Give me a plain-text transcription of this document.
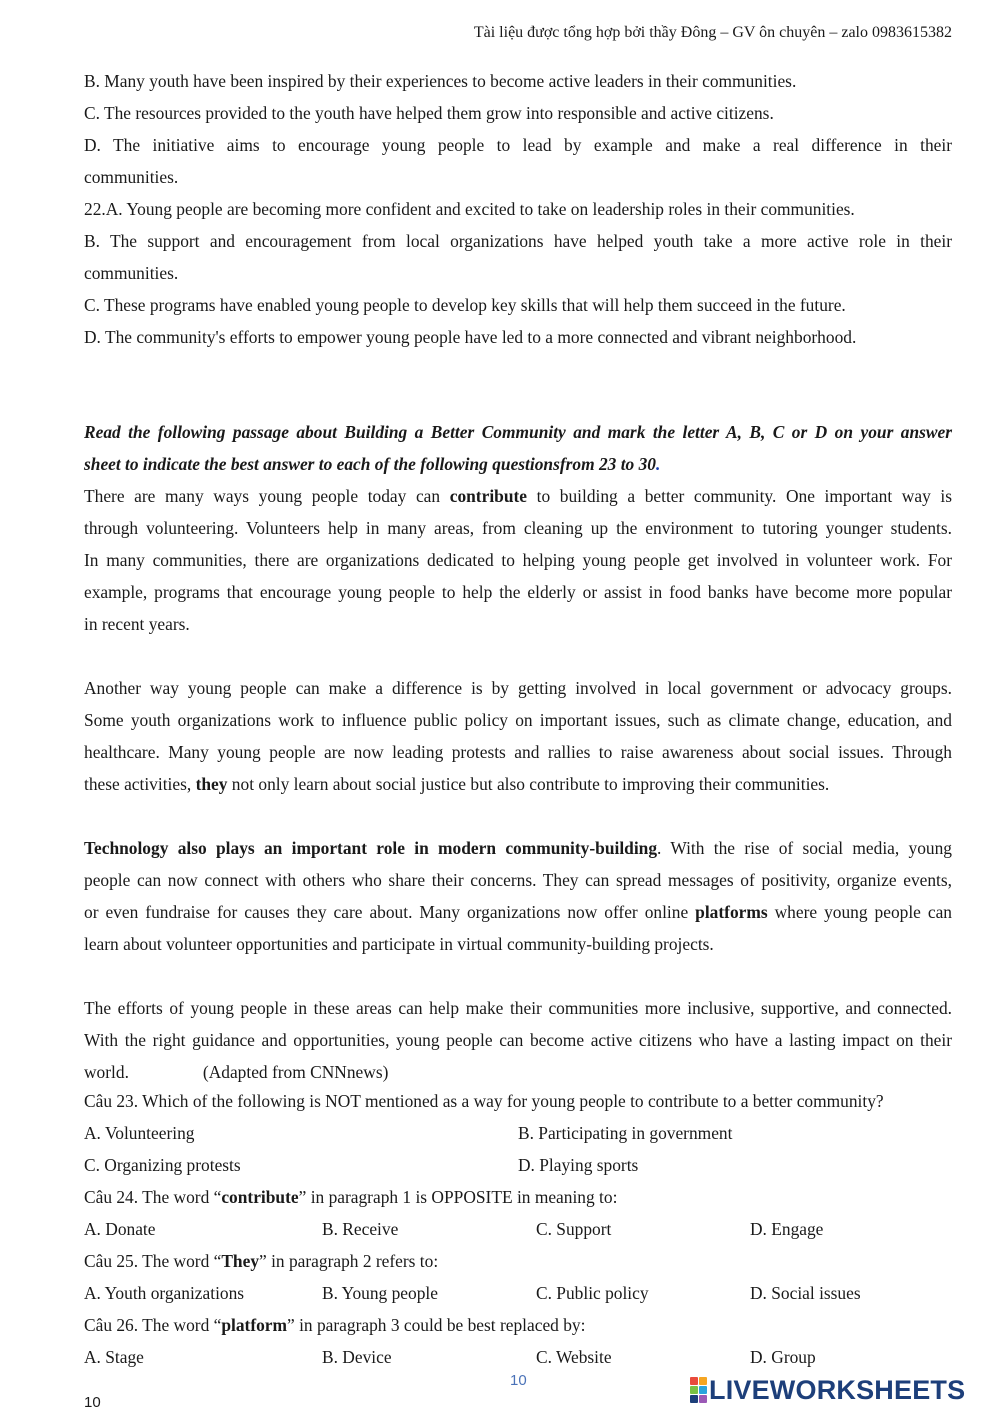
Tài liệu được tổng hợp bởi thầy Đông – GV ôn chuyên – zalo 0983615382
B. Many youth have been inspired by their experiences to become active leaders in their communities.
C. The resources provided to the youth have helped them grow into responsible and active citizens.
D. The initiative aims to encourage young people to lead by example and make a real difference in their
communities.
22.A. Young people are becoming more confident and excited to take on leadership roles in their communities.
B. The support and encouragement from local organizations have helped youth take a more active role in their
communities.
C. These programs have enabled young people to develop key skills that will help them succeed in the future.
D. The community's efforts to empower young people have led to a more connected and vibrant neighborhood.
Read the following passage about Building a Better Community and mark the letter A, B, C or D on your answer
sheet to indicate the best answer to each of the following questionsfrom 23 to 30.
There are many ways young people today can contribute to building a better community. One important way is
through volunteering. Volunteers help in many areas, from cleaning up the environment to tutoring younger students.
In many communities, there are organizations dedicated to helping young people get involved in volunteer work. For
example, programs that encourage young people to help the elderly or assist in food banks have become more popular
in recent years.
Another way young people can make a difference is by getting involved in local government or advocacy groups.
Some youth organizations work to influence public policy on important issues, such as climate change, education, and
healthcare. Many young people are now leading protests and rallies to raise awareness about social issues. Through
these activities, they not only learn about social justice but also contribute to improving their communities.
Technology also plays an important role in modern community-building. With the rise of social media, young
people can now connect with others who share their concerns. They can spread messages of positivity, organize events,
or even fundraise for causes they care about. Many organizations now offer online platforms where young people can
learn about volunteer opportunities and participate in virtual community-building projects.
The efforts of young people in these areas can help make their communities more inclusive, supportive, and connected.
With the right guidance and opportunities, young people can become active citizens who have a lasting impact on their
world.	(Adapted from CNNnews)
Câu 23. Which of the following is NOT mentioned as a way for young people to contribute to a better community?
A. Volunteering	B. Participating in government
C. Organizing protests	D. Playing sports
Câu 24. The word “contribute” in paragraph 1 is OPPOSITE in meaning to:
A. Donate	B. Receive	C. Support	D. Engage
Câu 25. The word “They” in paragraph 2 refers to:
A. Youth organizations	B. Young people	C. Public policy	D. Social issues
Câu 26. The word “platform” in paragraph 3 could be best replaced by:
A. Stage	B. Device	C. Website	D. Group
10
10	LIVEWORKSHEETS
